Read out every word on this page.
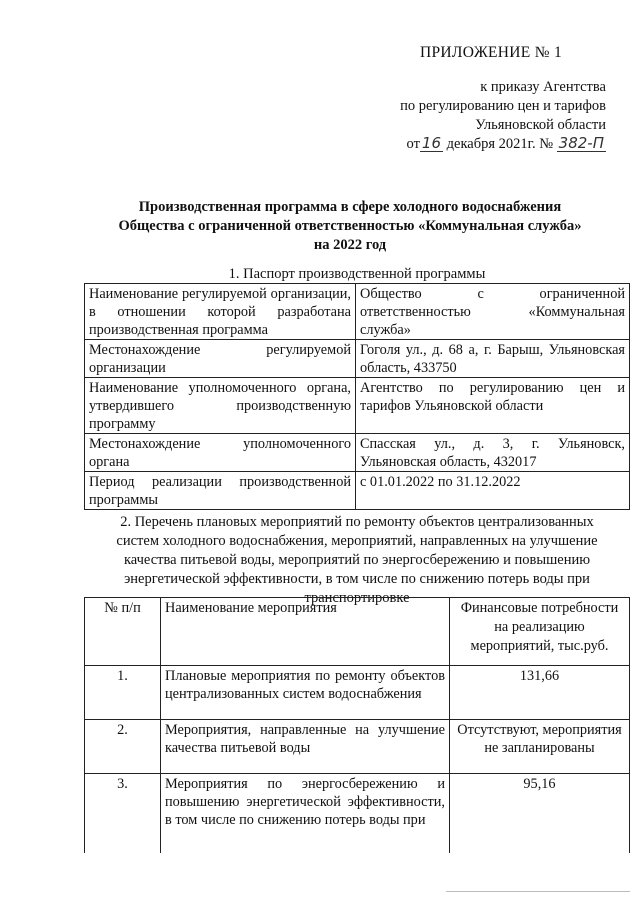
ПРИЛОЖЕНИЕ № 1
к приказу Агентства
по регулированию цен и тарифов
Ульяновской области
от 16 декабря 2021г. № 382-П
Производственная программа в сфере холодного водоснабжения
Общества с ограниченной ответственностью «Коммунальная служба»
на 2022 год
1. Паспорт производственной программы
Наименование регулируемой организации, в отношении которой разработана производственная программа	Общество с ограниченной ответственностью «Коммунальная служба»
Местонахождение регулируемой организации	Гоголя ул., д. 68 а, г. Барыш, Ульяновская область, 433750
Наименование уполномоченного органа, утвердившего производственную программу	Агентство по регулированию цен и тарифов Ульяновской области
Местонахождение уполномоченного органа	Спасская ул., д. 3, г. Ульяновск, Ульяновская область, 432017
Период реализации производственной программы	с 01.01.2022 по 31.12.2022
2. Перечень плановых мероприятий по ремонту объектов централизованных
систем холодного водоснабжения, мероприятий, направленных на улучшение
качества питьевой воды, мероприятий по энергосбережению и повышению
энергетической эффективности, в том числе по снижению потерь воды при
транспортировке
№ п/п	Наименование мероприятия	Финансовые потребности на реализацию мероприятий, тыс.руб.
1.	Плановые мероприятия по ремонту объектов централизованных систем водоснабжения	131,66
2.	Мероприятия, направленные на улучшение качества питьевой воды	Отсутствуют, мероприятия не запланированы
3.	Мероприятия по энергосбережению и повышению энергетической эффективности, в том числе по снижению потерь воды при	95,16
